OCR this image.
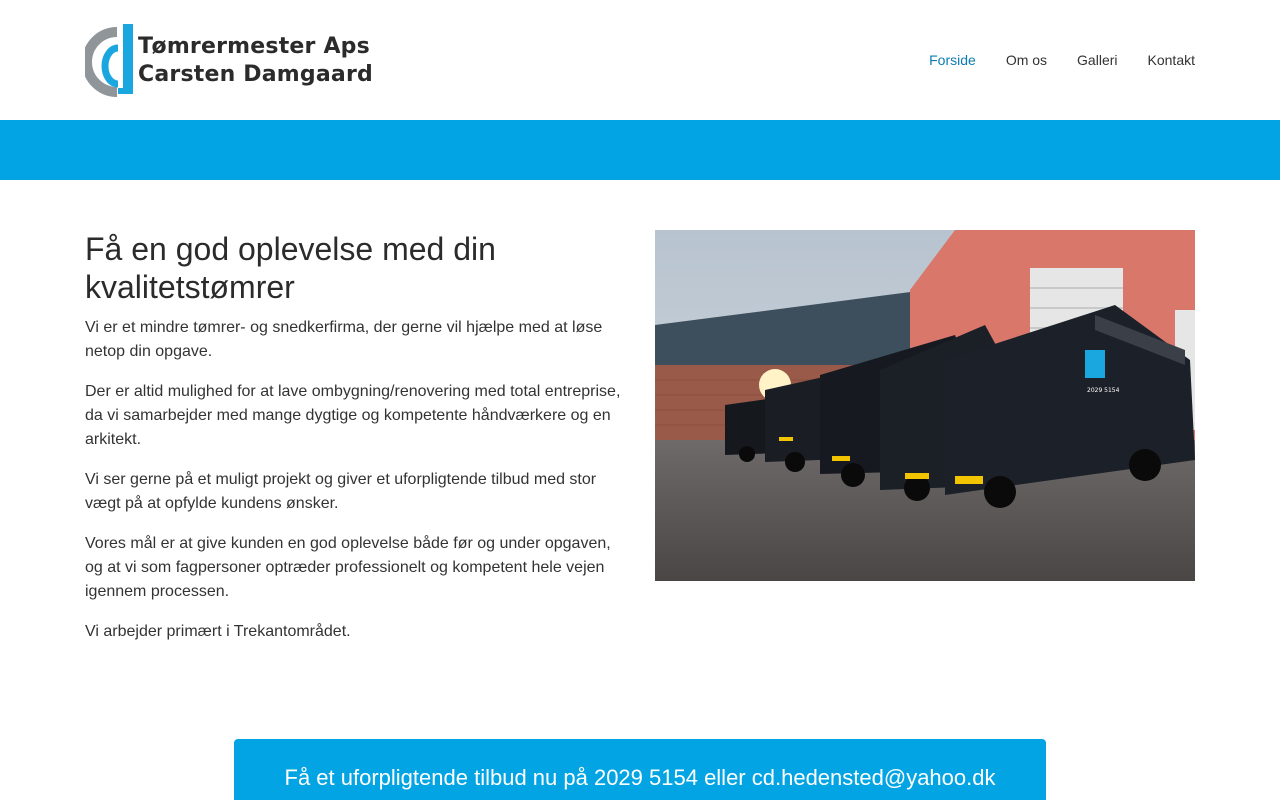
Tømrermester Aps
Carsten Damgaard
Forside Om os Galleri Kontakt
Få en god oplevelse med din kvalitetstømrer

Vi er et mindre tømrer- og snedkerfirma, der gerne vil hjælpe med at løse netop din opgave.

Der er altid mulighed for at lave ombygning/renovering med total entreprise, da vi samarbejder med mange dygtige og kompetente håndværkere og en arkitekt.

Vi ser gerne på et muligt projekt og giver et uforpligtende tilbud med stor vægt på at opfylde kundens ønsker.

Vores mål er at give kunden en god oplevelse både før og under opgaven, og at vi som fagpersoner optræder professionelt og kompetent hele vejen igennem processen.

Vi arbejder primært i Trekantområdet.

2029 5154
Få et uforpligtende tilbud nu på 2029 5154 eller cd.hedensted@yahoo.dk
